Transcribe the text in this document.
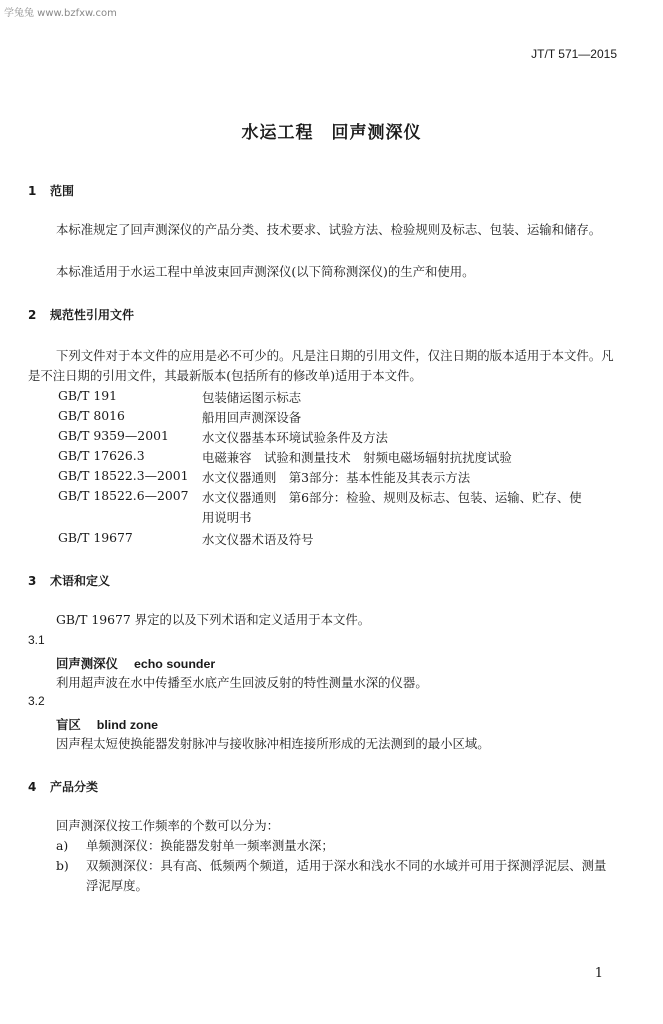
学兔兔 www.bzfxw.com
JT/T 571—2015
水运工程　回声测深仪
1 范围
本标准规定了回声测深仪的产品分类、技术要求、试验方法、检验规则及标志、包装、运输和储存。
本标准适用于水运工程中单波束回声测深仪(以下简称测深仪)的生产和使用。
2 规范性引用文件
下列文件对于本文件的应用是必不可少的。凡是注日期的引用文件，仅注日期的版本适用于本文件。凡是不注日期的引用文件，其最新版本(包括所有的修改单)适用于本文件。
GB/T 191	包装储运图示标志
GB/T 8016	船用回声测深设备
GB/T 9359—2001	水文仪器基本环境试验条件及方法
GB/T 17626.3	电磁兼容　试验和测量技术　射频电磁场辐射抗扰度试验
GB/T 18522.3—2001 水文仪器通则　第3部分：基本性能及其表示方法
GB/T 18522.6—2007 水文仪器通则　第6部分：检验、规则及标志、包装、运输、贮存、使用说明书
GB/T 19677	水文仪器术语及符号
3 术语和定义
GB/T 19677 界定的以及下列术语和定义适用于本文件。
3.1
回声测深仪 echo sounder
利用超声波在水中传播至水底产生回波反射的特性测量水深的仪器。
3.2
盲区 blind zone
因声程太短使换能器发射脉冲与接收脉冲相连接所形成的无法测到的最小区域。
4 产品分类
回声测深仪按工作频率的个数可以分为：
a) 单频测深仪：换能器发射单一频率测量水深；
b) 双频测深仪：具有高、低频两个频道，适用于深水和浅水不同的水域并可用于探测浮泥层、测量浮泥厚度。
1
